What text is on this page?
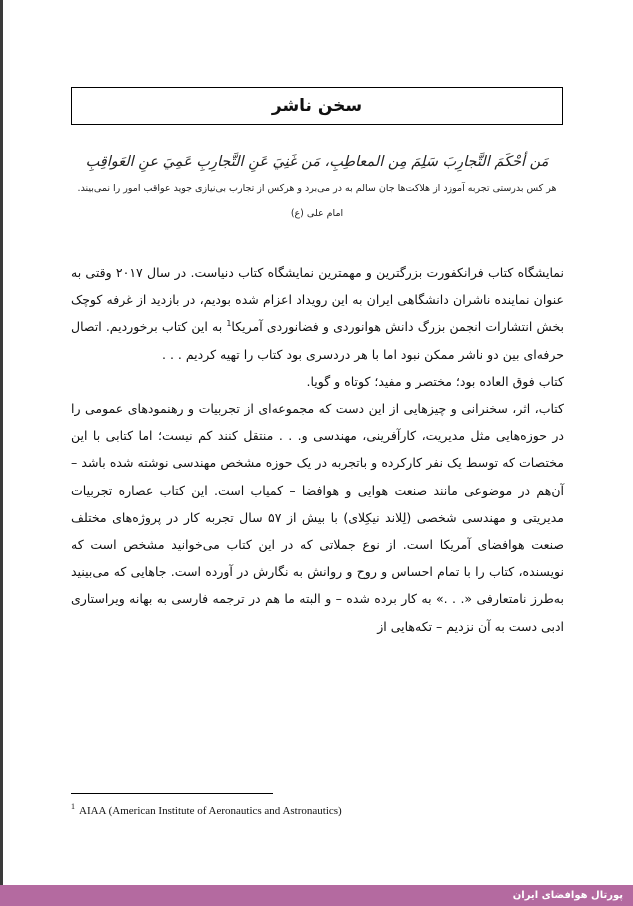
سخن ناشر
مَن أحْكَمَ التَّجارِبَ سَلِمَ مِن المعاطِبِ، مَن غَنِيَ عَنِ التَّجارِبِ عَمِيَ عنِ العَواقِبِ
هر کس بدرستی تجربه آموزد از هلاکت‌ها جان سالم به در می‌برد و هرکس از تجارب بی‌نیازی جوید عواقب امور را نمی‌بیند.
امام علی (ع)

نمایشگاه کتاب فرانکفورت بزرگترین و مهمترین نمایشگاه کتاب دنیاست. در سال ۲۰۱۷ وقتی به عنوان نماینده ناشران دانشگاهی ایران به این رویداد اعزام شده بودیم، در بازدید از غرفه کوچک بخش انتشارات انجمن بزرگ دانش هوانوردی و فضانوردی آمریکا$^1$ به این کتاب برخوردیم. اتصال حرفه‌ای بین دو ناشر ممکن نبود اما با هر دردسری بود کتاب را تهیه کردیم . . .

کتاب فوق العاده بود؛ مختصر و مفید؛ کوتاه و گویا.

کتاب، اثر، سخنرانی و چیزهایی از این دست که مجموعه‌ای از تجربیات و رهنمودهای عمومی را در حوزه‌هایی مثل مدیریت، کارآفرینی، مهندسی و. . . منتقل کنند کم نیست؛ اما کتابی با این مختصات که توسط یک نفر کارکرده و باتجربه در یک حوزه مشخص مهندسی نوشته شده باشد – آن‌هم در موضوعی مانند صنعت هوایی و هوافضا – کمیاب است. این کتاب عصاره تجربیات مدیریتی و مهندسی شخصی (لِلاند نیکِلای) با بیش از ۵۷ سال تجربه کار در پروژه‌های مختلف صنعت هوافضای آمریکا است. از نوع جملاتی که در این کتاب می‌خوانید مشخص است که نویسنده، کتاب را با تمام احساس و روح و روانش به نگارش در آورده است. جاهایی که می‌بینید به‌طرز نامتعارفی «. . .» به کار برده شده – و البته ما هم در ترجمه فارسی به بهانه ویراستاری ادبی دست به آن نزدیم – تکه‌هایی از

$^1$ AIAA (American Institute of Aeronautics and Astronautics)
پورتال هوافضای ایران
